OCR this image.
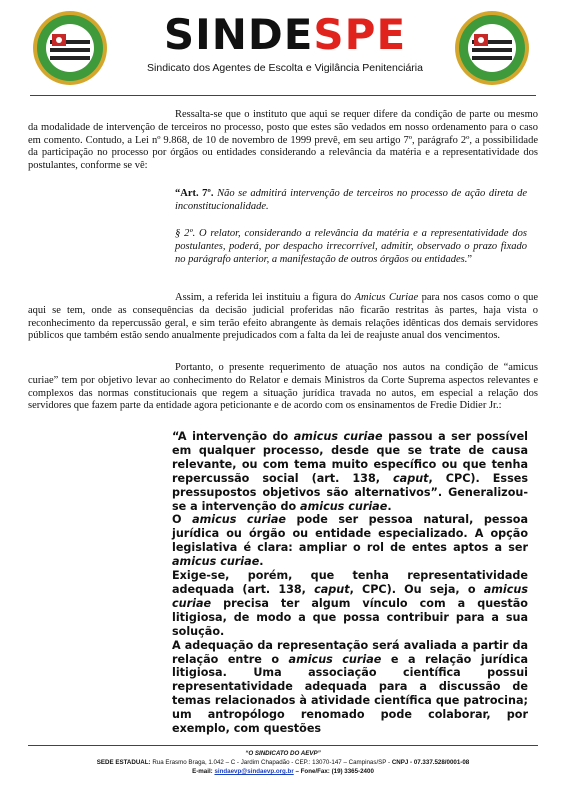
SINDESPE
Sindicato dos Agentes de Escolta e Vigilância Penitenciária
Ressalta-se que o instituto que aqui se requer difere da condição de parte ou mesmo da modalidade de intervenção de terceiros no processo, posto que estes são vedados em nosso ordenamento para o caso em comento. Contudo, a Lei nº 9.868, de 10 de novembro de 1999 prevê, em seu artigo 7º, parágrafo 2º, a possibilidade da participação no processo por órgãos ou entidades considerando a relevância da matéria e a representatividade dos postulantes, conforme se vê:
“Art. 7º. Não se admitirá intervenção de terceiros no processo de ação direta de inconstitucionalidade.
§ 2º. O relator, considerando a relevância da matéria e a representatividade dos postulantes, poderá, por despacho irrecorrível, admitir, observado o prazo fixado no parágrafo anterior, a manifestação de outros órgãos ou entidades.”
Assim, a referida lei instituiu a figura do Amicus Curiae para nos casos como o que aqui se tem, onde as consequências da decisão judicial proferidas não ficarão restritas às partes, haja vista o reconhecimento da repercussão geral, e sim terão efeito abrangente às demais relações idênticas dos demais servidores públicos que também estão sendo anualmente prejudicados com a falta da lei de reajuste anual dos vencimentos.
Portanto, o presente requerimento de atuação nos autos na condição de “amicus curiae” tem por objetivo levar ao conhecimento do Relator e demais Ministros da Corte Suprema aspectos relevantes e complexos das normas constitucionais que regem a situação jurídica travada no autos, em especial a relação dos servidores que fazem parte da entidade agora peticionante e de acordo com os ensinamentos de Fredie Didier Jr.:

“A intervenção do amicus curiae passou a ser possível em qualquer processo, desde que se trate de causa relevante, ou com tema muito específico ou que tenha repercussão social (art. 138, caput, CPC). Esses pressupostos objetivos são alternativos”. Generalizou-se a intervenção do amicus curiae.

O amicus curiae pode ser pessoa natural, pessoa jurídica ou órgão ou entidade especializado. A opção legislativa é clara: ampliar o rol de entes aptos a ser amicus curiae.

Exige-se, porém, que tenha representatividade adequada (art. 138, caput, CPC). Ou seja, o amicus curiae precisa ter algum vínculo com a questão litigiosa, de modo a que possa contribuir para a sua solução.

A adequação da representação será avaliada a partir da relação entre o amicus curiae e a relação jurídica litigiosa. Uma associação científica possui representatividade adequada para a discussão de temas relacionados à atividade científica que patrocina; um antropólogo renomado pode colaborar, por exemplo, com questões

“O SINDICATO DO AEVP”
SEDE ESTADUAL: Rua Erasmo Braga, 1.042 – C - Jardim Chapadão - CEP.: 13070-147 – Campinas/SP - CNPJ - 07.337.528/0001-08
E-mail: sindaevp@sindaevp.org.br – Fone/Fax: (19) 3365-2400
